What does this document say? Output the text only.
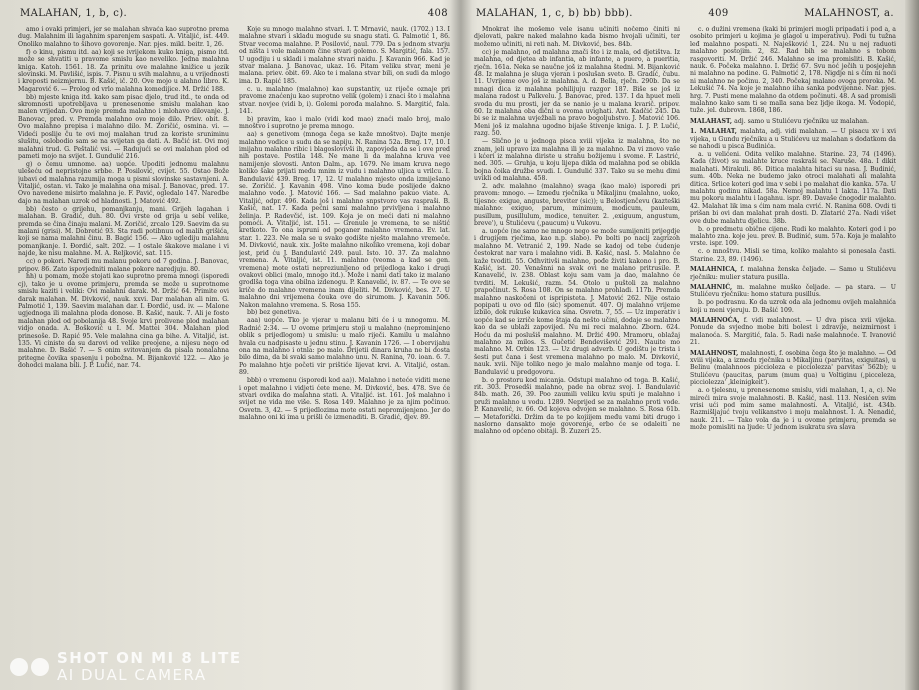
MALAHAN, 1, b, c).	408

amo i ovaki primjeri, jer se malahan shvaća kao suprotno prema dug. Malahnim ili lagahnim sparenjem saspati. A. Vitaljić, ist. 449. Onoliko malahno to šihovo govorenje. Nar. pjes. mikl. beitr. 1, 26.

f) o kinu, pismu itd. aa) koji se ivrijekom kuko kniga, pismo itd. može se shvatiti u pravome smislu kao neveliko. Jedna malahna kniga. Katoh. 1561. 18. Za prinitu ove malahne knižice u jezik slovinski. M. Pavlišić, ispis. 7. Pisnu u svih malahnu, a u vrijednosti i kreposti neizmjernu. B. Kašić, ič. 20. Ove mojo u alahno libro. K. Magarović 6. — Prolog od vrlo malahna komedijice. M. Držić 188.

bb) mjeste kniga itd. kako sam pisac djelo, trud itd., te onda od skromnosti upotrebljava u prenesenome smislu malahan kao malen vrijedan. Ovo moje premda malahno i mlohavo dilovanje. J. Banovac, pred. v. Premda malahno ovo moje dilo. Priev. obit. 8. Ovo malahno prepisa i malahno dilo. M. Zoričić, osmina. vi. — Videći poslije ču te ovi moj malahan trud za koriste sruniminu slušitu, oslobodio sam se na svijetan ga dati. A. Bačić ist. Ovi moj malahni trud. G. Peštalić vsi. — Radujući se ovi malahan plod od pameti mojo na svijet. I. Gundulić 216.

g) o čemu umnome. aa) uopće. Upoditi jednomu malahnu ulešeću od nepristojne srbbe. P. Posilović, cvijet. 55. Ostao Bože jubavi od malahna razumija moga u pismi slovinske sastavnjeni. A. Vitaljić, ostan. vi. Tako je malahna ona misal. J. Banovac, pred. 17. Ovo navedene misirto malahna je. F. Pavić, ogledalo 147. Naredbe dajo na malahan uzrok od hladnosti. J. Matović 492.

bb) često o grijehu, pomanjkanju, mani. Grijeh lagahan i malahan. B. Gradić, duh. 80. Ovi vrste od grija u sebi velike, premda se čina činaju malani. M. Zoričić, zrcalo 129. Saevim da su malani (grisi). M. Dobretić 93. Sta radi potibnuu od malih grišića, koji se nama malahni činu. B. Bagić 156. — Ako uglediju malahnu pomanjkanje. I. Đordić, salt. 202. — I ostale škakove malane i vi najde, ke nisu malahne. M. A. Reljković, sat. 115.

cc) o pokori. Naredi mu malanu pokoru od 7 godina. J. Banovac, pripov. 86. Zato ispovjedniti malane pokore naredjuju. 80.

hh) u pomam, može stojati kao suprotno prema mnogi (isporedi cj), tako je u ovome primjeru, premda se može u suprotnome smislu kaziti i veliki: Ovi malahni darak. M. Držić 64. Primite ovi darak malahan. M. Divković, nauk. xxvi. Dar malahan ali nim. G. Palmotić 1, 139. Saevim malahan dar. I. Đordić, usd. iv. — Malone ugjednoga ili malahna ploda donose. B. Kašić, nauk. 7. Ali je fosto malahan plod od pobolanija 48. Svoje krvi prolivene plod malahan vidjo onada. A. Bošković u I. M. Mattei 304. Malahan plod prinesoše. D. Rapić 95. Vele malahna cina ga bihe. A. Vitaljić, ist. 135. Vi ciniste da su darovi od velike preojene, a nijesu nego od malahne. D. Bašić 7. — S onim svitovanjem da pisala nonalahna pritegne čovika spasenju i pobožna. M. Bijanković 122. — Ako je dohodci malana bili. J. P. Lučić, nar. 74.

Koje su mnogo malahno stvari. I. T. Mrnavić, nauk. (1702.) 13. I malahne stvari i skladu mogude su snagu stati. G. Palmotić 1, 86. Stvar vecoma malahne. P. Posilović, naul. 779. Da s jednom stvarju od ništa i vole malanom čine stvari golemo. S. Margitić, fala. 157. U ugodiju i u skladi i malahne stvari naidu. J. Kavanin 966. Kad je stvar malana. J. Banovac, ukaz. 16. Pitam veliku stvar, meni je malana. priev. obit. 69. Ako te i malana stvar bili, on sudi da mlogo ima. D. Rapić 185.

c. u. malahno (malahno) kao supstantiv, uz riječe oznaje pri pravome znaćenju kao suprotno velik (golem) i znaci što i malahna stvar. novjee (vidi b, i). Golemi porođa malahno. S. Margitić, fala. 141.

b) pravim, kao i malo (vidi kod mao) znaći malo broj, malo mnoštvo i suprotno je prema mnogo.

aa) s genetivom (mnoga čega se kaže mnoštvo). Dajte menje malahno vodice u sudu da se napiju. N. Ranina 52a. Brng. 17, 10. I imijahu malahno ribic i blagoslovivši ih, zapovjeda da se i ove pred nih postave. Postila 148. Ne mane li da malahna kruva vee namijenje slovosti. Anton Dalm., ap. 1679. Ne imam kruva nego koliko šake prijati među mnim iz vudu i malahno uljica u vrilcu. I. Bandulavić 439. Breg. 17, 12. U malahno mjesto onda izmiješano se. Zoričić. J. Kavanin 498. Vino koma bude poslijede dakno malahno vode. J. Matović 166. — Sad malahno pakuo viate. A. Vitaljić, odpr. 496. Kada još i malahno snpstvoro vas raspraši. B. Kašić, nat. 17. Kada pećni sami malahno prvivljena i malahno želinja. P. Radevčić, ist. 109. Koja je on meći dati ni malahno pomoći. A. Vitaljić, ist. 151. — Grenule je vremena, te se ništić kretkoto. To ona ispruni od poganer malahno vremena. Ev. lat. star. 1. 223. Ne mala se u svako godište nješto malahno vremeče. M. Divković, nauk. xix. Jošte malahno nikoliko vremena, koji dobar jest, priđ ću J. Bandulavić 249. paul. Isto. 10. 37. Za malahno vremena. A. Vitaljić, ist. 11. malahno (veoma a kad se gen. vremena) mote ostati nepreziunljeno od prijedloga kako i drugi ovakovi oblici (malo, mnogo itd.). Može i nami dati tako iz malano grodlša toga vina obilna izdenogu. P. Kanavelić, iv. 87. — Te ove se kriče do malahno vremena inam dijeliti. M. Divković, bes. 27. U malahno dni vrijemena čouka ove do sirumom. J. Kavanin 506. Nakon malahno vremena. S. Rosa 155.

bb) bez genetiva.

aaa) uopće. Tko je vjerar u malanu biti će i u mnogomu. M. Radnić 2:34. — U ovome primjeru stoji u malahno (neprominjeno oblik s prijedlogom) u smislu: u malo riječi. Kamilu u malahno hvala cu nadpisaste u jednu stinu. J. Kavanin 1726. — I obervijahu ona na malahno i otnla: po malo. Drijetii dinara kruha ne bi dosta bilo dima, da bi svaki samo malahno unu. N. Ranina, 70. ioan. 6. 7. Po malahno htje početi vir prištiće lijevat krvi. A. Vitaljić, ostan. 89.

bbb) o vremenu (isporedi kod aa)). Malahno i neteće viditi mene i opet malahno i vidjeti ćete mene. M. Divković, bes. 478. Sve će stvari ovdika do malahna stati. A. Vitaljić. ist. 161. Još malahno i svijet ne vida me više. S. Rosa 149. Malahno je za njim počinuo. Osvetn. 3, 42. — S prijedlozima mote ostati nepromijenjeno. Jer do malahno oni ki ima u prišli če izmenaditi. B. Gradić, djev. 89.

MALAHAN, 1, c, b) bb) bbb).	409	MALAHNOST, a.

Mnokrat ihe mošemo vele isanu učiniti nočemo činiti ni djelovati, pakre naked malahno kada bismo hvojali učiniti, ter možemo učiniti, ni reti nah. M. Divković, bes. 84b.

cc) je malahno, od malahna znači što i iz mala, od djetištva. Iz malahna, od djetea ab infantia, ab infante, a puero, a pueritia, rječn. 161a. Neka se naučne još iz malahna štedni. M. Bijanković 48. Iz malahna je sluga vjeran i poslušan sveto. B. Gradić, čubu. 11. Uvrijeme ovo još iz malahna. A. d. Bella, rječn. 290b. Da se mnagi dica iz malahna pohilijuju razgor 187. Biše se još iz malana radost u Palkvelu. J. Banovac, pred. 137. I da hpuet meli svoda du mu prosti, jer da se nanio je u malana kvarič. pripov. 60. Iz malahna oba dični u ovoma uvighati. Ant. Kadčić 245. Da bi se iz malahna uvježbali na pravo bogoljubstvo. J. Matović 106. Meni još iz malahna ugodno bijaše štivenje kniga. I. J. P. Lučić, razg. 50.

— Slično je u jednoga pisca xviii vijeka iz malahna, što ne znam, jeli upravo iza malahna ili je za malahno. Da vi znovo vaše i kćeri iz malahna diriste u strahu božijemu i svome. F. Lastrić, ned. 305. — Gruhja, u koju lijepa dikla od malahna pod se obikla bojna čoika družbe svudi. I. Gundulić 337. Tako su se mehu dimi uvikli od malahna. 458.

2. adv. malahno (malahno) svaga (kao malo) isporedi pri pravom: mnogo. — Između rječnika u Mikaljinu (malahno, uoko, tijesno: exigue, anguste, breviter (sic)); u Belostjenčevu (kazteški malahno: exiguo, parum, minimum, modicum, pauleum, pusillum, pusillulum, modice, tenuiter. 2. ,exiguum, angustum, breve'), u Stulićevu (,paucum) u Vukovu.

a. uopće (ne samo ne mnogo nego se može sumijeniti prijegdje i drugijem rječima, kao n.p. slabo). Po bolti po nacij zagrizoh malahno M. Vetranić 2, 199. Nade se kadoj od tebe ćudenje čestokrat nar vara i malahno vidi. B. Kašić, nasl. 5. Malahno će kaže tvoditi. 55. Odhvitivši malahno, pođe živiti kakono i pro. B. Kašić, ist. 20. Venašnni na svak ovi ne malano pritrusile. P. Kanavelić, iv. 238. Oblast koju sam vam ja dao, malahno će tvrditi. M. Lekušić, razm. 54. Otolo u puštoli za malahno prapočinut. S. Rosa 108. On se malahno prohladi. 117b. Premda malahno naskočeni ot ispripisteta. J. Matović 262. Nije ostaio popipati u ovo od filo (sic) spomenut. 407. Oj malahno vrijeme izbilo, dok rukuše kukavica sina. Osvetn. 7, 55. — Uz imperativ i uopće kad se izriče kome štaja da nešto učini, dodaje se malahno kao da se ublaži zapovijed. Nu mi reci malahno. Zborn. 624. Hoću da mi poslušiš malahno. M. Držić 490. Mramoru, oblažaj malahno za milos. S. Gučetić Bendevišević 291. Nauite mo malahno. M. Orbin 123. — Uz drugi adverb. U godištu je trista i šesti put čana i šest vremena malahno po malo. M. Divković, nauk. xvii. Nije toliko nego je malo malahno manje od toga. I. Bandulavić u predgovoru.

b. o prostoru kod micanja. Odstupi malahno od toga. B. Kašić, rit. 303. Prosedši malahno, pade na obraz svoj. I. Bandulavić 84b. math. 26, 39. Poo zaumili veliku kviu sputi je malahno i pruži malahno u vodu. 1289. Neprijed se za malahno proti vode. P. Kanavelić, iv. 66. Od kojeva odvojen se malahno. S. Rosa 61b. — Metaforički. Držim da te po kojiijem među vami biti drugo i naslorno dansakto moje govorenje, erbo će se odaleiti ne malahno od općeno obitaji. B. Zuzeri 25.

c. o dužini vremena (kaki bi primjeri mogli pripadati i pod a, a osobito primjeri u kojima je glagol u imperativu). Podi tu tužna leđ malahno pospati. N. Naješković 1, 224. Nu u nej raduoti malahno postojim. 2, 82. Rad bih se malahno s tobom rasgovoriti. M. Držić 246. Malahno se ima promisliti. B. Kašić, nauk. 6. Počeka malahno. I. Držić 67. Svu noć ječih u posjejehn ni malahno na podine. G. Palmotić 2, 178. Nigdje ni s čim ni noći ni malahno ne počinu. 2, 340. Počekaj malano ovoga proroka. M. Lekušić 74. Na koje je malahno iiha sanka podvijenne. Nar. pjes. hrg. 7. Pusti mene malahno da otdem počinuti. 48. A sad promisli malahno kako sam ti se malla sana bez ljdje ikoga. M. Vodopić, tuže. jel. dubrovn. 1868, 186.

MALAHAST, adj. samo u Stulićevu rječniku uz malahan.

1. MALAHAT, malahta, adj. vidi malahan. — U pisacu xv i xvi vijeka, u Gundu rječniku a u Stulićevu uz malahan s dodatkom da se nahodi u pisca Budinića.

a. u velićeni. Odita veliko malahne. Starine. 23, 74 (1496). Kada (život) su malahte kruce raskraši se. Naruše. 48a. I dikit malahati. Mirakuli. 86. Ditica malahta hitaci su nasa. J. Budinić, sum. 40b. Neka ne budemo jako otroci malahati ali malahta ditica. Srlice koteri god ima v sebi i po malahat dio kanka. 57a. U malahtu godinu nikad. 58a. Nemoj malahtu 1 lakta. 117a. Dati mu pokoru malahtu i lagahnu. ispr. 89. Davaše ćnogodir malahto. 42. Malahat lik ima s ćim nam mala cvrić. N. Ranina 608. Ovdi ti prišan bi ovi dan malahat prah dosti. D. Zlatarić 27a. Nadi višet ove dube malahtu djelicu. 38b.

b. o predmetu obične cijene. Rudi ko malahto. Koteri god i po malahto zna. koje jeu. prev. B. Budinić, sum. 57a. Koja je malahto vrste. ispr. 109.

c. o mnoštvu. Misli se tima, koliko malahto si ponesala časti. Starine. 23, 89. (1496).

MALAHNICA, f. malahna ženska čeljade. — Samo u Stulićevu rječniku: mulier statura pusilla.

MALAHNIĆ, m. malahne muško čeljade. — pa stara. — U Stulićevu rječniku: homo statura pusillus.

b. po podrasnu. Ko da uzrok oda ala jednomu ovijeh malahnića koji u meni vjeruju. D. Bašić 109.

MALAHNOĆA, f. vidi malahnost. — U dva pisca xvii vijeka. Ponude da svjedno mobe biti bolest i zdravije, neizmirnost i malanoća. S. Margitić, fala. 5. Radi naše malahnoće. T. Ivanović 21.

MALAHNOST, malahnosti, f. osobina čega što je malahno. — Od xviii vijeka, a između rječnika u Mikaljinu (parvitas, exiguitas), u Belinu (malahnoos piccioleza e picciolezza' parvitas' 562b); u Stulićevu (paucitas, parum (mum qua) u Voltiginu (,picceleza, picciolezza' ,kleinigkeit').

a. o tjelesnu, u prenesenome smislu, vidi malahan, 1, a, c). Ne mireći mira svoje malahnosti. B. Kašić, nasl. 113. Nesićen svim vrisi ući pod mim same malahnosti. A. Vitaljić, ist. 434b. Razmišljajuć tvoju velikanstvo i moju malahnost. I. A. Nenadić, nauk. 211. — Tako vola da je i u ovome primjeru, premda se može pomisliti na ljude: U jednom isukratu sva slava

SHOT ON MI 8 LITE
AI DUAL CAMERA
